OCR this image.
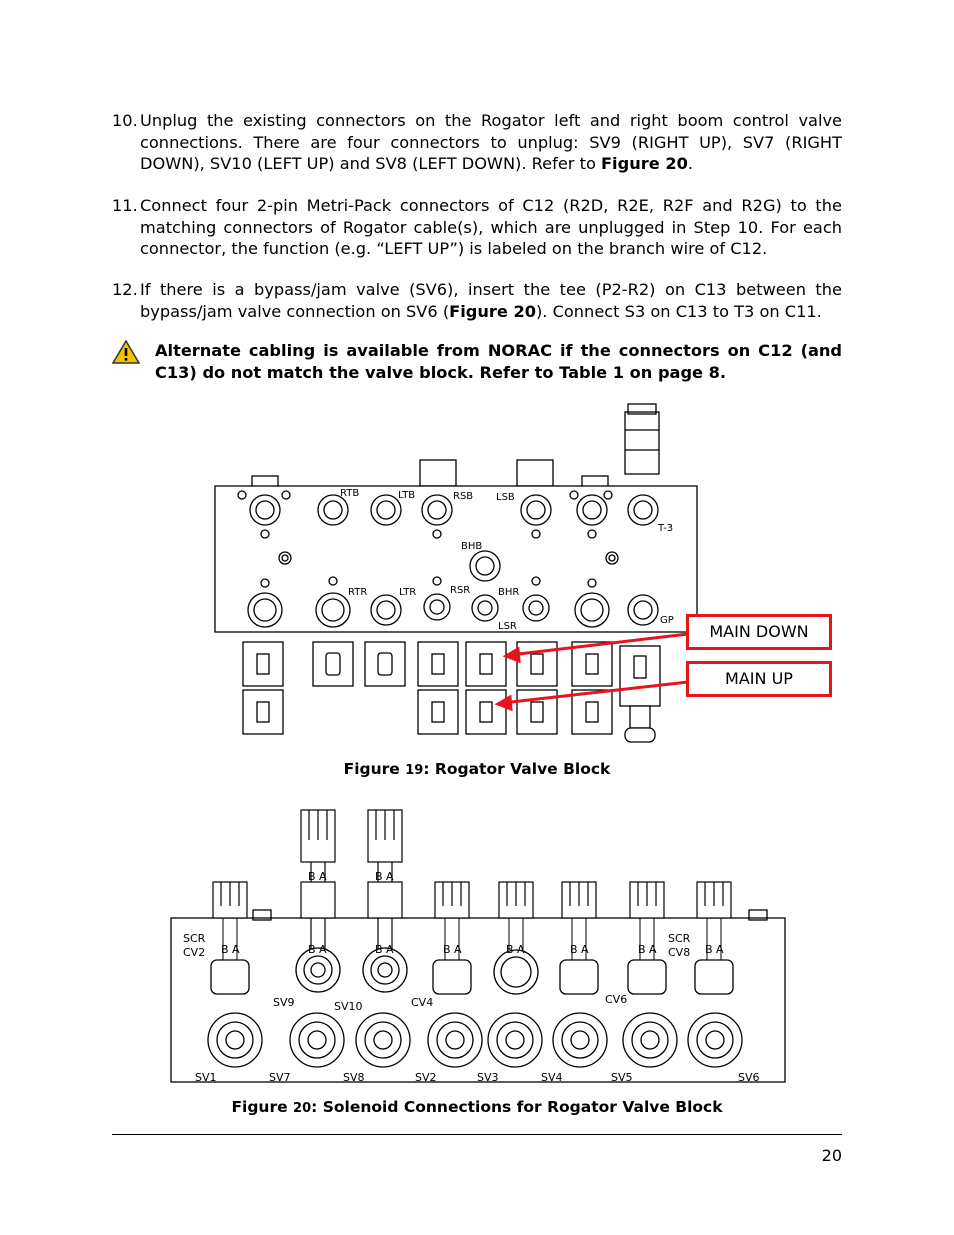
10. Unplug the existing connectors on the Rogator left and right boom control valve connections. There are four connectors to unplug: SV9 (RIGHT UP), SV7 (RIGHT DOWN), SV10 (LEFT UP) and SV8 (LEFT DOWN). Refer to Figure 20.
11. Connect four 2-pin Metri-Pack connectors of C12 (R2D, R2E, R2F and R2G) to the matching connectors of Rogator cable(s), which are unplugged in Step 10. For each connector, the function (e.g. “LEFT UP”) is labeled on the branch wire of C12.
12. If there is a bypass/jam valve (SV6), insert the tee (P2-R2) on C13 between the bypass/jam valve connection on SV6 (Figure 20). Connect S3 on C13 to T3 on C11.
Alternate cabling is available from NORAC if the connectors on C12 (and C13) do not match the valve block. Refer to Table 1 on page 8.
RTB	LTB	RSB LSB
T-3
BHB
RTR	LTR	RSR	BHR
LSR
GP
MAIN DOWN
MAIN UP
Figure 19: Rogator Valve Block
SCR
CV2
SCR
CV8
B A
B A	B A
B A	B A	B A	B A	B A	B A	B A
SV9	SV10	CV4	CV6
SV1	SV7	SV8	SV2	SV3	SV4	SV5	SV6
Figure 20: Solenoid Connections for Rogator Valve Block
20
